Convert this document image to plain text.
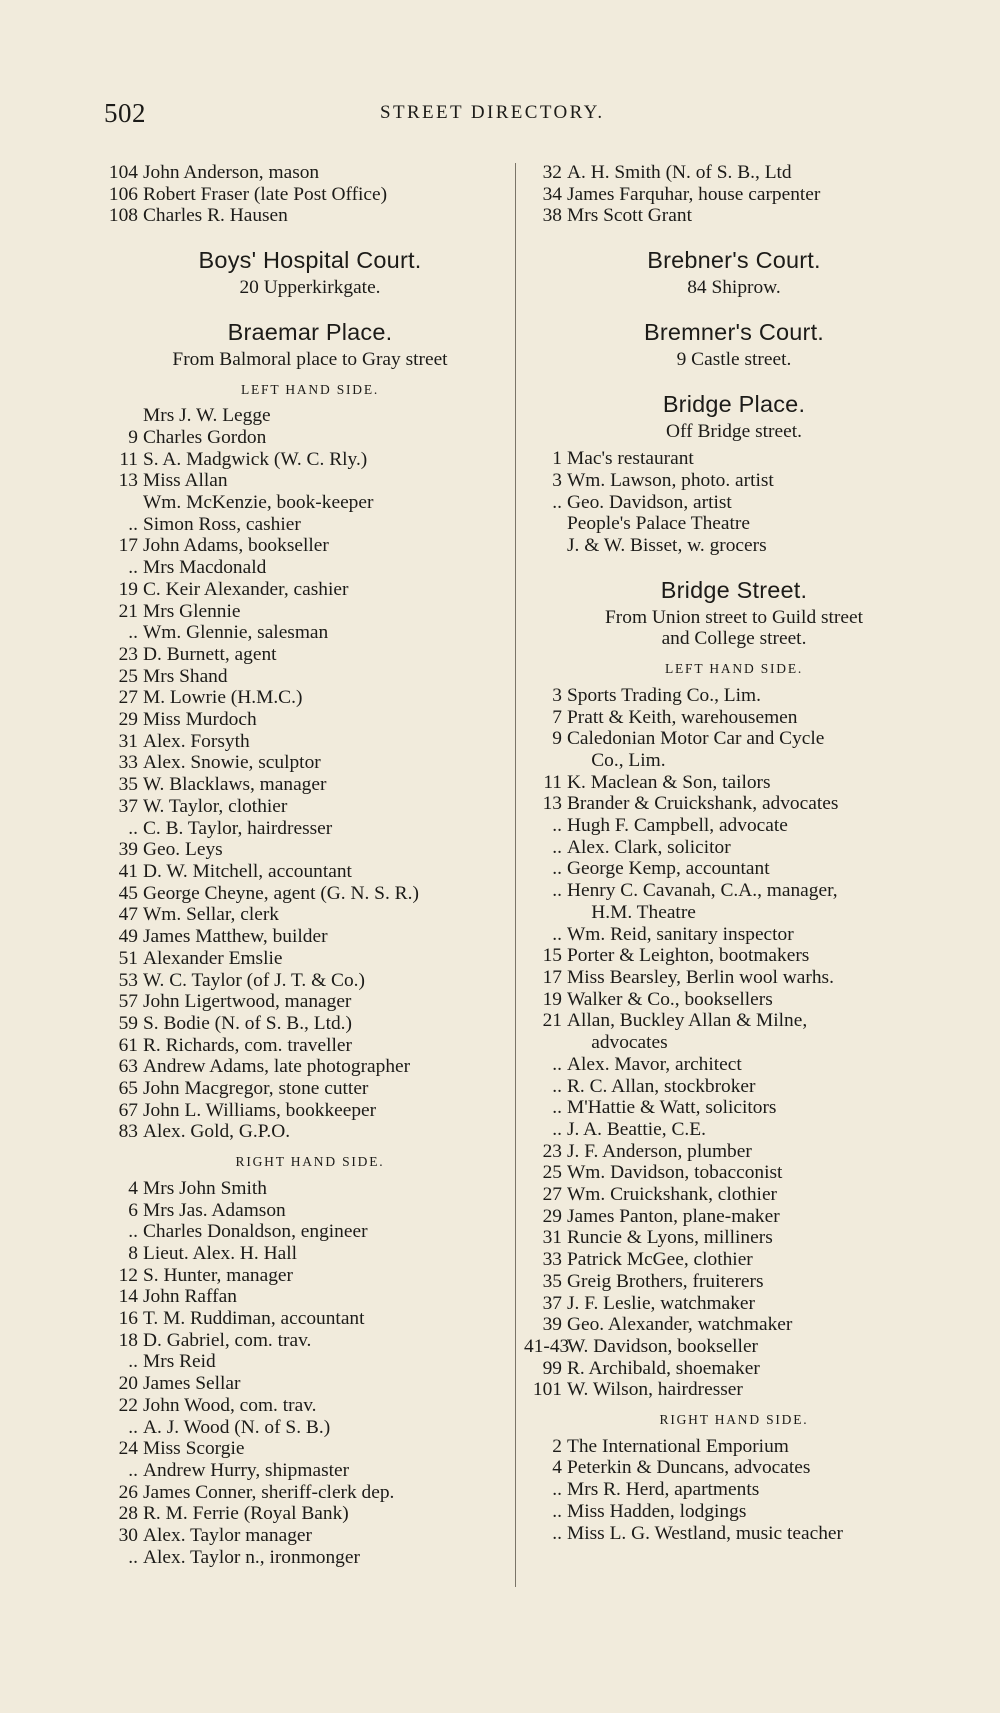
502	STREET DIRECTORY.
104 John Anderson, mason
106 Robert Fraser (late Post Office)
108 Charles R. Hausen
Boys' Hospital Court.
20 Upperkirkgate.
Braemar Place.
From Balmoral place to Gray street
LEFT HAND SIDE.
Mrs J. W. Legge
9 Charles Gordon
11 S. A. Madgwick (W. C. Rly.)
13 Miss Allan
Wm. McKenzie, book-keeper
.. Simon Ross, cashier
17 John Adams, bookseller
.. Mrs Macdonald
19 C. Keir Alexander, cashier
21 Mrs Glennie
.. Wm. Glennie, salesman
23 D. Burnett, agent
25 Mrs Shand
27 M. Lowrie (H.M.C.)
29 Miss Murdoch
31 Alex. Forsyth
33 Alex. Snowie, sculptor
35 W. Blacklaws, manager
37 W. Taylor, clothier
.. C. B. Taylor, hairdresser
39 Geo. Leys
41 D. W. Mitchell, accountant
45 George Cheyne, agent (G. N. S. R.)
47 Wm. Sellar, clerk
49 James Matthew, builder
51 Alexander Emslie
53 W. C. Taylor (of J. T. & Co.)
57 John Ligertwood, manager
59 S. Bodie (N. of S. B., Ltd.)
61 R. Richards, com. traveller
63 Andrew Adams, late photographer
65 John Macgregor, stone cutter
67 John L. Williams, bookkeeper
83 Alex. Gold, G.P.O.
RIGHT HAND SIDE.
4 Mrs John Smith
6 Mrs Jas. Adamson
.. Charles Donaldson, engineer
8 Lieut. Alex. H. Hall
12 S. Hunter, manager
14 John Raffan
16 T. M. Ruddiman, accountant
18 D. Gabriel, com. trav.
.. Mrs Reid
20 James Sellar
22 John Wood, com. trav.
.. A. J. Wood (N. of S. B.)
24 Miss Scorgie
.. Andrew Hurry, shipmaster
26 James Conner, sheriff-clerk dep.
28 R. M. Ferrie (Royal Bank)
30 Alex. Taylor manager
.. Alex. Taylor n., ironmonger
32 A. H. Smith (N. of S. B., Ltd
34 James Farquhar, house carpenter
38 Mrs Scott Grant
Brebner's Court.
84 Shiprow.
Bremner's Court.
9 Castle street.
Bridge Place.
Off Bridge street.
1 Mac's restaurant
3 Wm. Lawson, photo. artist
.. Geo. Davidson, artist
People's Palace Theatre
J. & W. Bisset, w. grocers
Bridge Street.
From Union street to Guild street
and College street.
LEFT HAND SIDE.
3 Sports Trading Co., Lim.
7 Pratt & Keith, warehousemen
9 Caledonian Motor Car and Cycle
Co., Lim.
11 K. Maclean & Son, tailors
13 Brander & Cruickshank, advocates
.. Hugh F. Campbell, advocate
.. Alex. Clark, solicitor
.. George Kemp, accountant
.. Henry C. Cavanah, C.A., manager,
H.M. Theatre
.. Wm. Reid, sanitary inspector
15 Porter & Leighton, bootmakers
17 Miss Bearsley, Berlin wool warhs.
19 Walker & Co., booksellers
21 Allan, Buckley Allan & Milne,
advocates
.. Alex. Mavor, architect
.. R. C. Allan, stockbroker
.. M'Hattie & Watt, solicitors
.. J. A. Beattie, C.E.
23 J. F. Anderson, plumber
25 Wm. Davidson, tobacconist
27 Wm. Cruickshank, clothier
29 James Panton, plane-maker
31 Runcie & Lyons, milliners
33 Patrick McGee, clothier
35 Greig Brothers, fruiterers
37 J. F. Leslie, watchmaker
39 Geo. Alexander, watchmaker
41-43
W. Davidson, bookseller
99 R. Archibald, shoemaker
101 W. Wilson, hairdresser
RIGHT HAND SIDE.
2 The International Emporium
4 Peterkin & Duncans, advocates
.. Mrs R. Herd, apartments
.. Miss Hadden, lodgings
.. Miss L. G. Westland, music teacher
